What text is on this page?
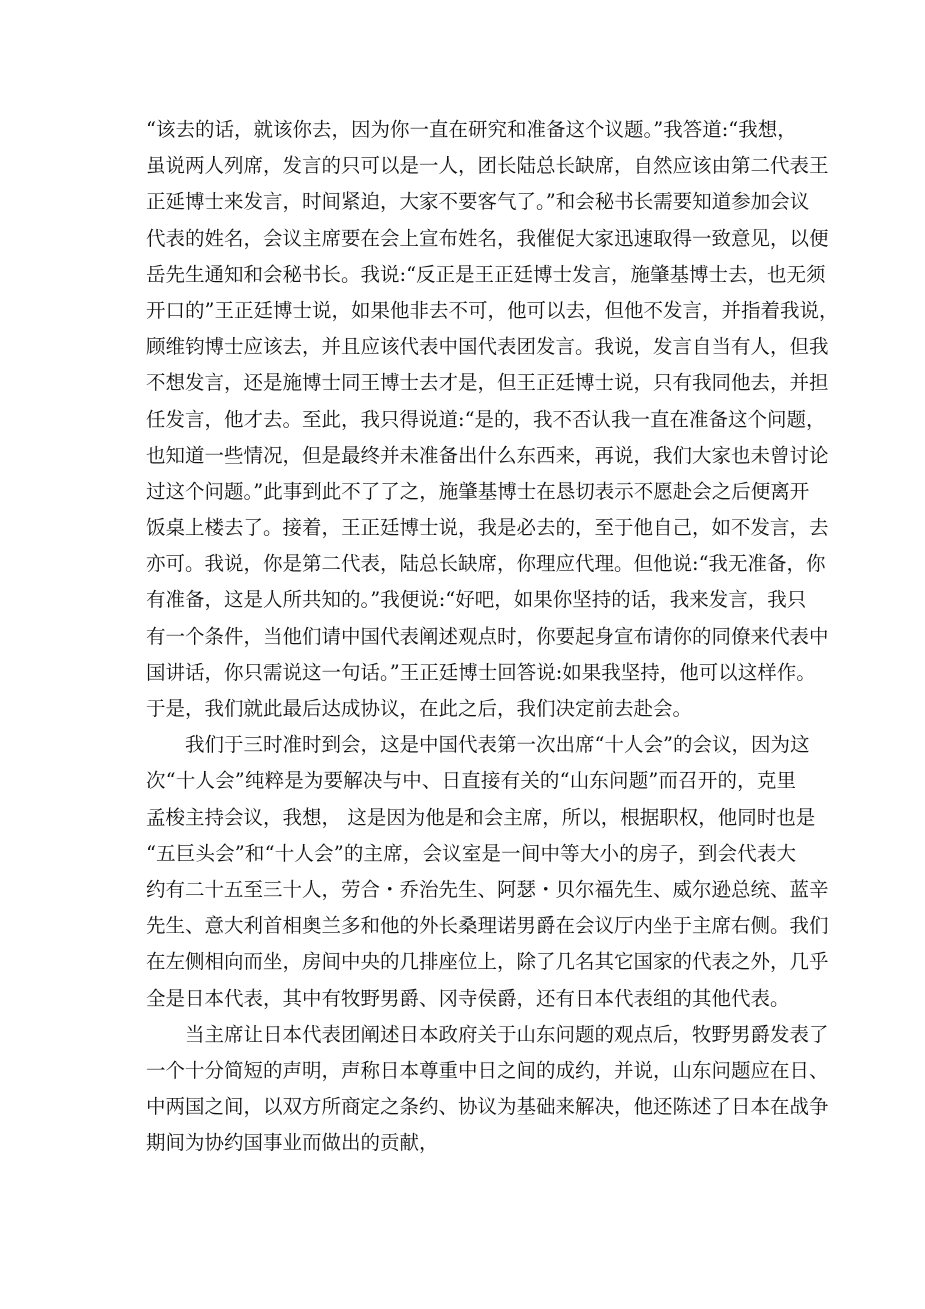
“该去的话，就该你去，因为你一直在研究和准备这个议题。”我答道:“我想，
虽说两人列席，发言的只可以是一人，团长陆总长缺席，自然应该由第二代表王
正延博士来发言，时间紧迫，大家不要客气了。”和会秘书长需要知道参加会议
代表的姓名，会议主席要在会上宣布姓名，我催促大家迅速取得一致意见，以便
岳先生通知和会秘书长。我说:“反正是王正廷博士发言，施肇基博士去，也无须
开口的”王正廷博士说，如果他非去不可，他可以去，但他不发言，并指着我说，
顾维钧博士应该去，并且应该代表中国代表团发言。我说，发言自当有人，但我
不想发言，还是施博士同王博士去才是，但王正廷博士说，只有我同他去，并担
任发言，他才去。至此，我只得说道:“是的，我不否认我一直在准备这个问题，
也知道一些情况，但是最终并未准备出什么东西来，再说，我们大家也未曾讨论
过这个问题。”此事到此不了了之，施肇基博士在恳切表示不愿赴会之后便离开
饭桌上楼去了。接着，王正廷博士说，我是必去的，至于他自己，如不发言，去
亦可。我说，你是第二代表，陆总长缺席，你理应代理。但他说:“我无准备，你
有准备，这是人所共知的。”我便说:“好吧，如果你坚持的话，我来发言，我只
有一个条件，当他们请中国代表阐述观点时，你要起身宣布请你的同僚来代表中
国讲话，你只需说这一句话。”王正廷博士回答说:如果我坚持，他可以这样作。
于是，我们就此最后达成协议，在此之后，我们决定前去赴会。
我们于三时准时到会，这是中国代表第一次出席“十人会”的会议，因为这
次“十人会”纯粹是为要解决与中、日直接有关的“山东问题”而召开的，克里
孟梭主持会议，我想， 这是因为他是和会主席，所以，根据职权，他同时也是
“五巨头会”和“十人会”的主席，会议室是一间中等大小的房子，到会代表大
约有二十五至三十人，劳合・乔治先生、阿瑟・贝尔福先生、威尔逊总统、蓝辛
先生、意大利首相奥兰多和他的外长桑理诺男爵在会议厅内坐于主席右侧。我们
在左侧相向而坐，房间中央的几排座位上，除了几名其它国家的代表之外，几乎
全是日本代表，其中有牧野男爵、冈寺侯爵，还有日本代表组的其他代表。
当主席让日本代表团阐述日本政府关于山东问题的观点后，牧野男爵发表了
一个十分简短的声明，声称日本尊重中日之间的成约，并说，山东问题应在日、
中两国之间，以双方所商定之条约、协议为基础来解决，他还陈述了日本在战争
期间为协约国事业而做出的贡献，
